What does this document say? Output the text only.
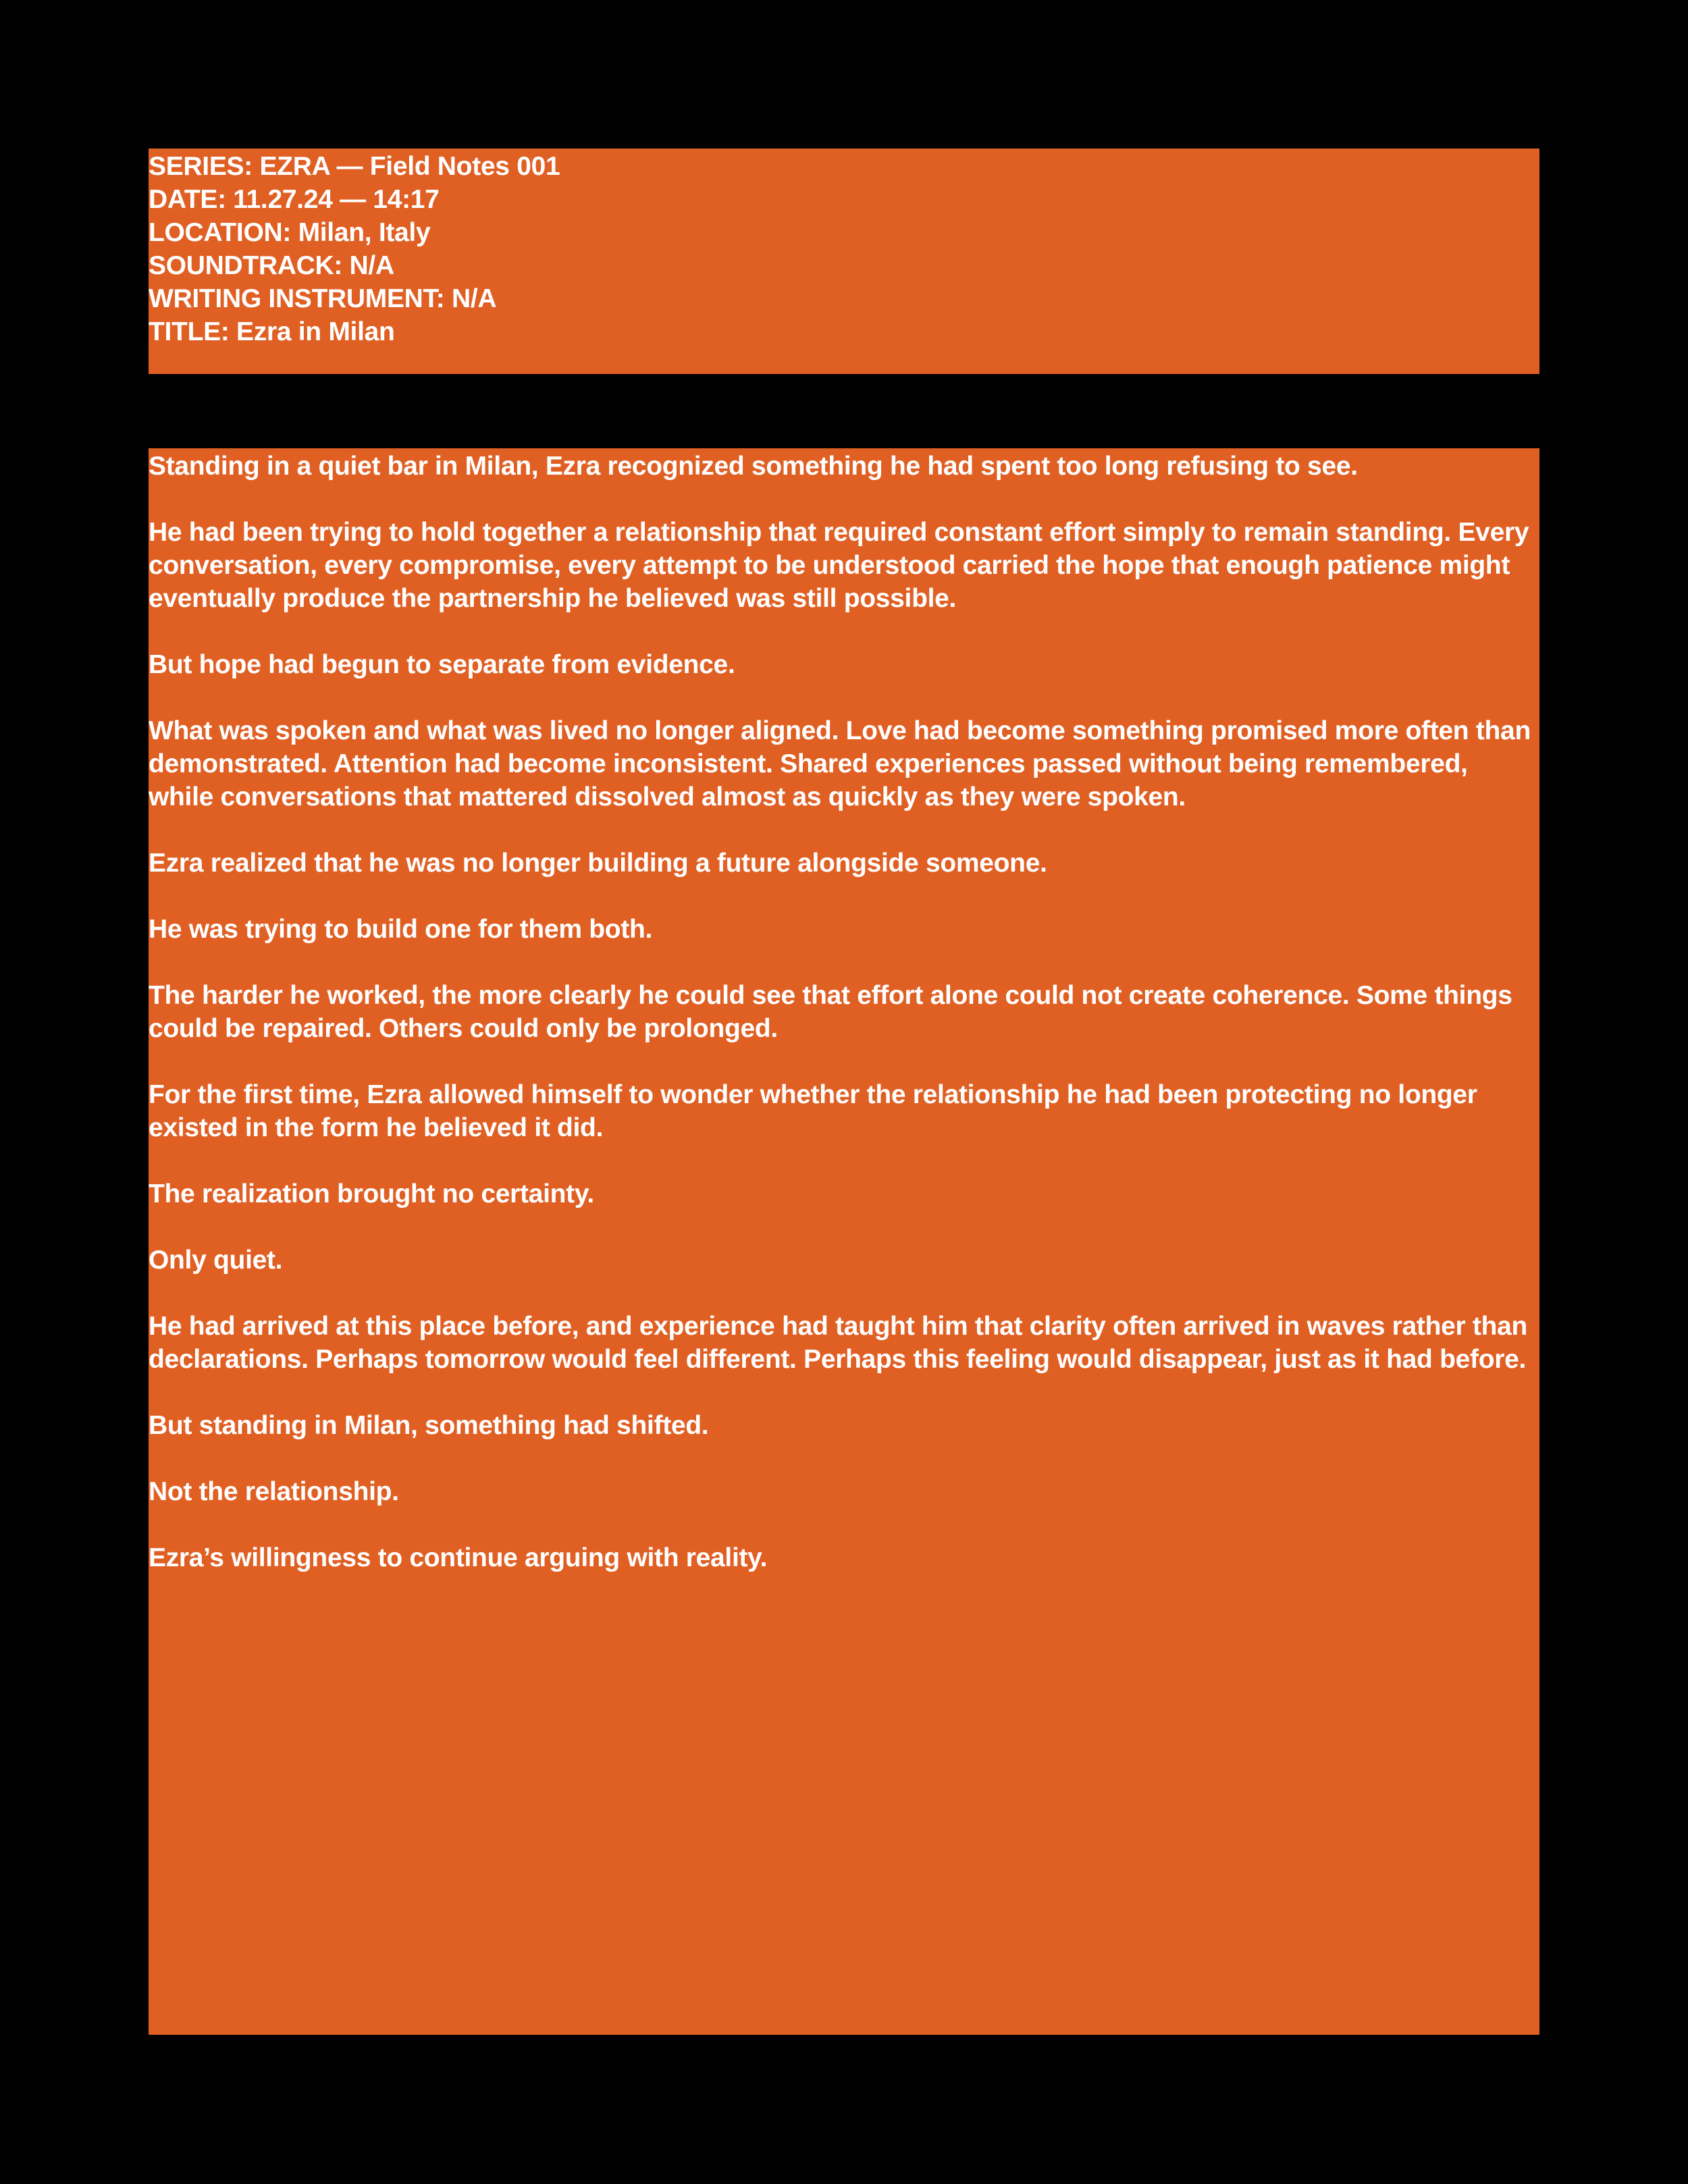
SERIES: EZRA — Field Notes 001
DATE: 11.27.24 — 14:17
LOCATION: Milan, Italy
SOUNDTRACK: N/A
WRITING INSTRUMENT: N/A
TITLE: Ezra in Milan

Standing in a quiet bar in Milan, Ezra recognized something he had spent too long refusing to see.

He had been trying to hold together a relationship that required constant effort simply to remain standing. Every conversation, every compromise, every attempt to be understood carried the hope that enough patience might eventually produce the partnership he believed was still possible.

But hope had begun to separate from evidence.

What was spoken and what was lived no longer aligned. Love had become something promised more often than demonstrated. Attention had become inconsistent. Shared experiences passed without being remembered, while conversations that mattered dissolved almost as quickly as they were spoken.

Ezra realized that he was no longer building a future alongside someone.

He was trying to build one for them both.

The harder he worked, the more clearly he could see that effort alone could not create coherence. Some things could be repaired. Others could only be prolonged.

For the first time, Ezra allowed himself to wonder whether the relationship he had been protecting no longer existed in the form he believed it did.

The realization brought no certainty.

Only quiet.

He had arrived at this place before, and experience had taught him that clarity often arrived in waves rather than declarations. Perhaps tomorrow would feel different. Perhaps this feeling would disappear, just as it had before.

But standing in Milan, something had shifted.

Not the relationship.

Ezra’s willingness to continue arguing with reality.
